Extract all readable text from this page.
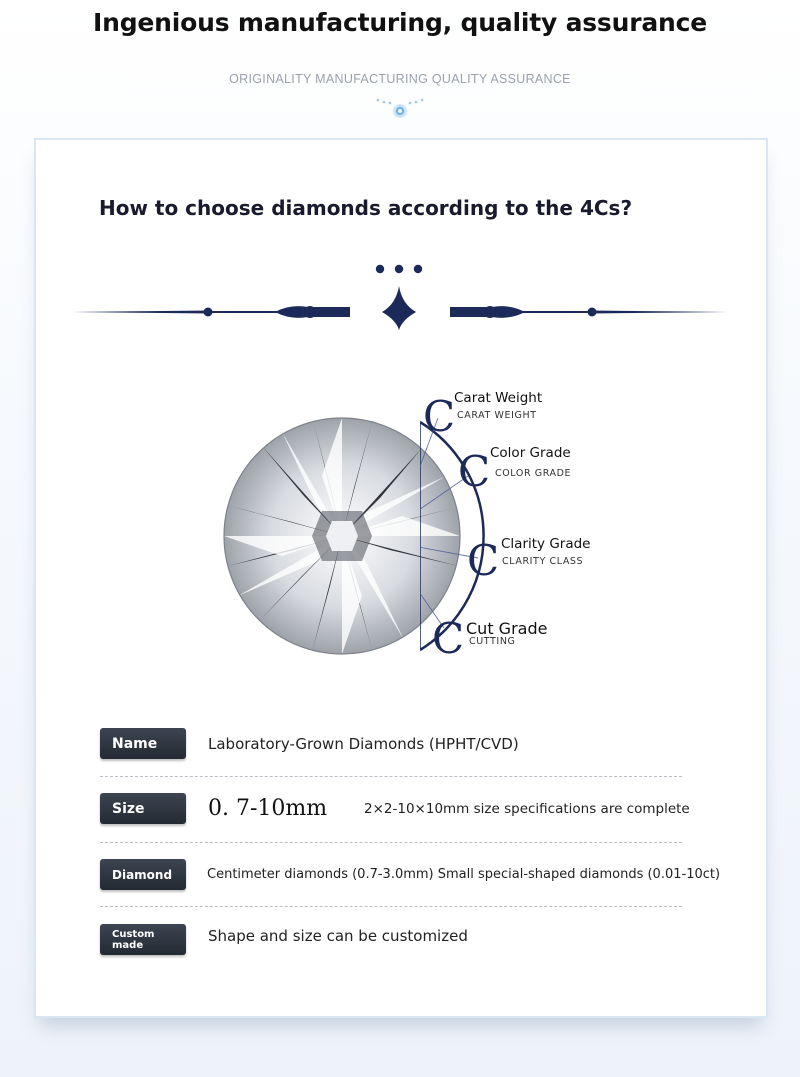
Ingenious manufacturing, quality assurance
ORIGINALITY MANUFACTURING QUALITY ASSURANCE
How to choose diamonds according to the 4Cs?
C
Carat Weight
CARAT WEIGHT
C Color Grade
COLOR GRADE
C Clarity Grade
CLARITY CLASS
C Cut Grade
CUTTING
Name	Laboratory-Grown Diamonds (HPHT/CVD)
Size	0. 7-10mm	2×2-10×10mm size specifications are complete
Diamond	Centimeter diamonds (0.7-3.0mm) Small special-shaped diamonds (0.01-10ct)
Custom made	Shape and size can be customized
